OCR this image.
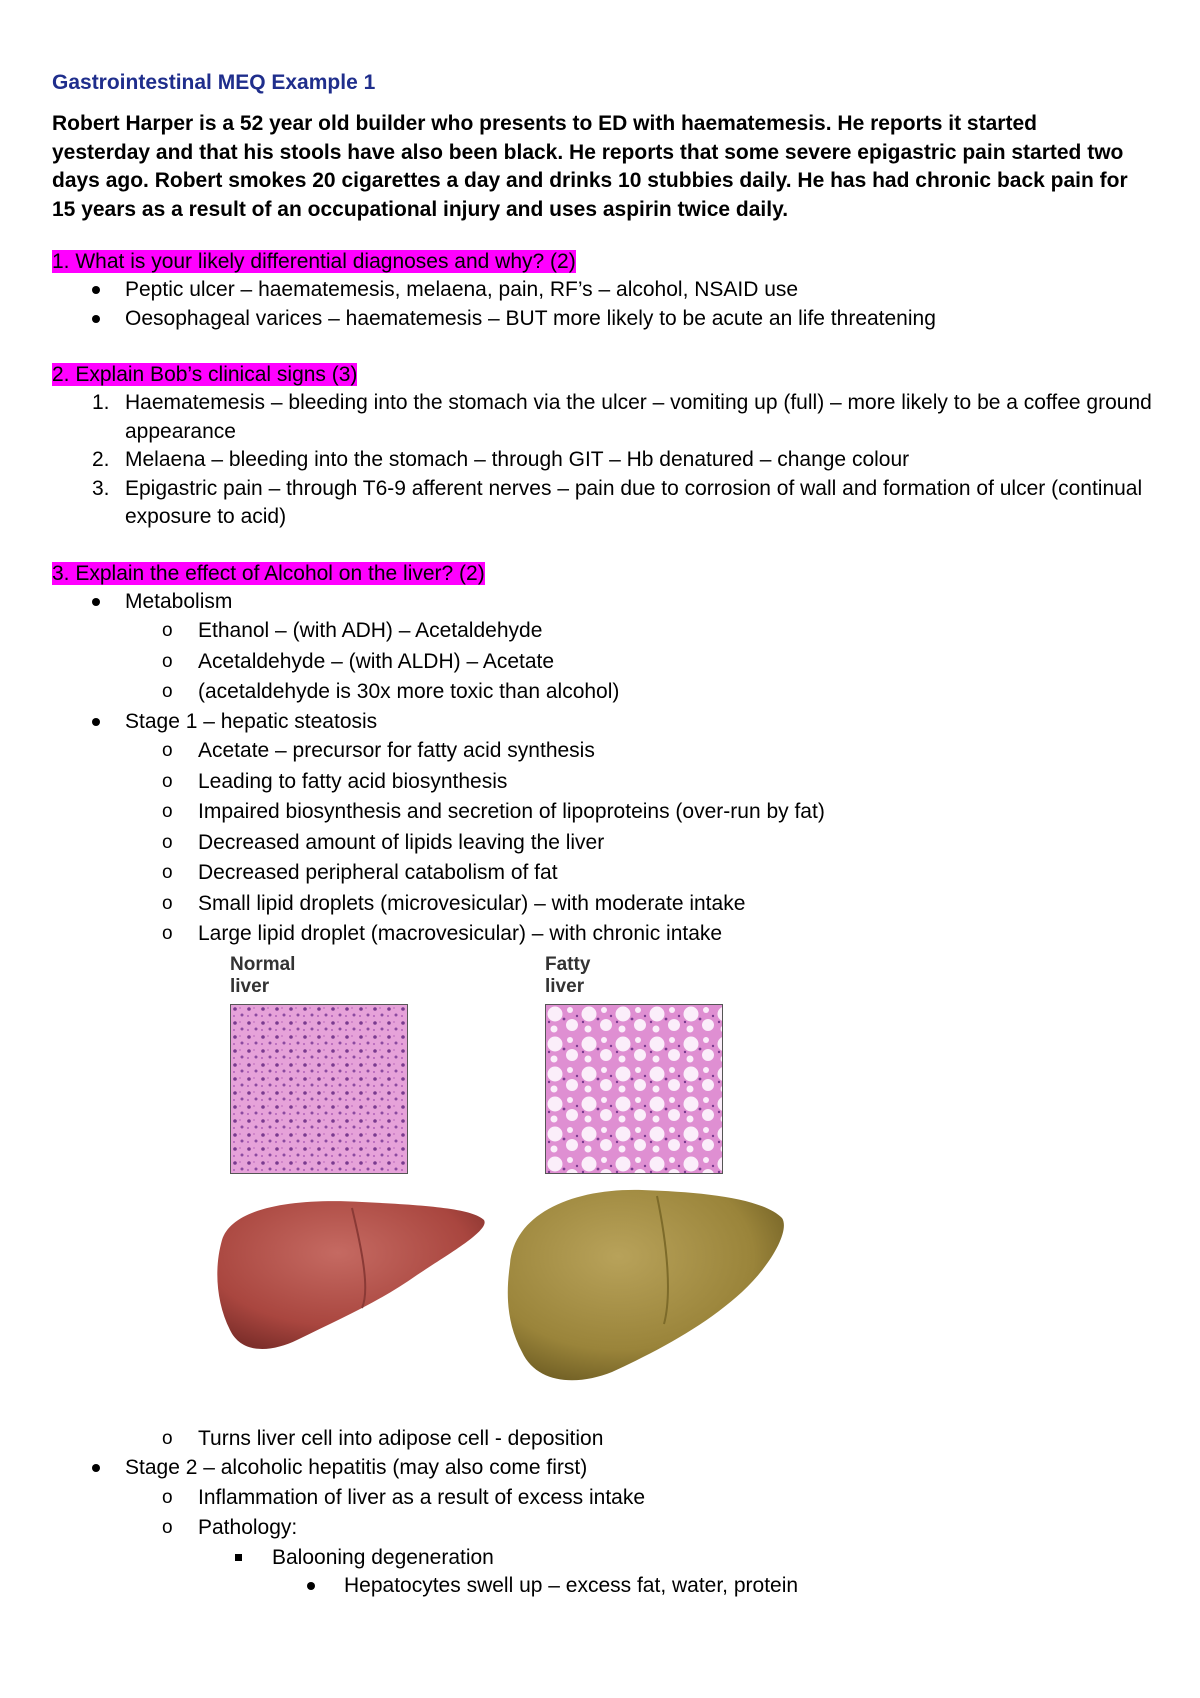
Gastrointestinal MEQ Example 1
Robert Harper is a 52 year old builder who presents to ED with haematemesis. He reports it started yesterday and that his stools have also been black. He reports that some severe epigastric pain started two days ago. Robert smokes 20 cigarettes a day and drinks 10 stubbies daily. He has had chronic back pain for 15 years as a result of an occupational injury and uses aspirin twice daily.

1. What is your likely differential diagnoses and why? (2)

Peptic ulcer – haematemesis, melaena, pain, RF’s – alcohol, NSAID use
Oesophageal varices – haematemesis – BUT more likely to be acute an life threatening

2. Explain Bob’s clinical signs (3)

1. Haematemesis – bleeding into the stomach via the ulcer – vomiting up (full) – more likely to be a coffee ground appearance
2. Melaena – bleeding into the stomach – through GIT – Hb denatured – change colour
3. Epigastric pain – through T6-9 afferent nerves – pain due to corrosion of wall and formation of ulcer (continual exposure to acid)

3. Explain the effect of Alcohol on the liver? (2)

Metabolism
o Ethanol – (with ADH) – Acetaldehyde
o Acetaldehyde – (with ALDH) – Acetate
o (acetaldehyde is 30x more toxic than alcohol)
Stage 1 – hepatic steatosis
o Acetate – precursor for fatty acid synthesis
o Leading to fatty acid biosynthesis
o Impaired biosynthesis and secretion of lipoproteins (over-run by fat)
o Decreased amount of lipids leaving the liver
o Decreased peripheral catabolism of fat
o Small lipid droplets (microvesicular) – with moderate intake
o Large lipid droplet (macrovesicular) – with chronic intake
Normal
liver
Fatty
liver
o Turns liver cell into adipose cell - deposition
Stage 2 – alcoholic hepatitis (may also come first)
o Inflammation of liver as a result of excess intake
o Pathology:
Balooning degeneration
Hepatocytes swell up – excess fat, water, protein
